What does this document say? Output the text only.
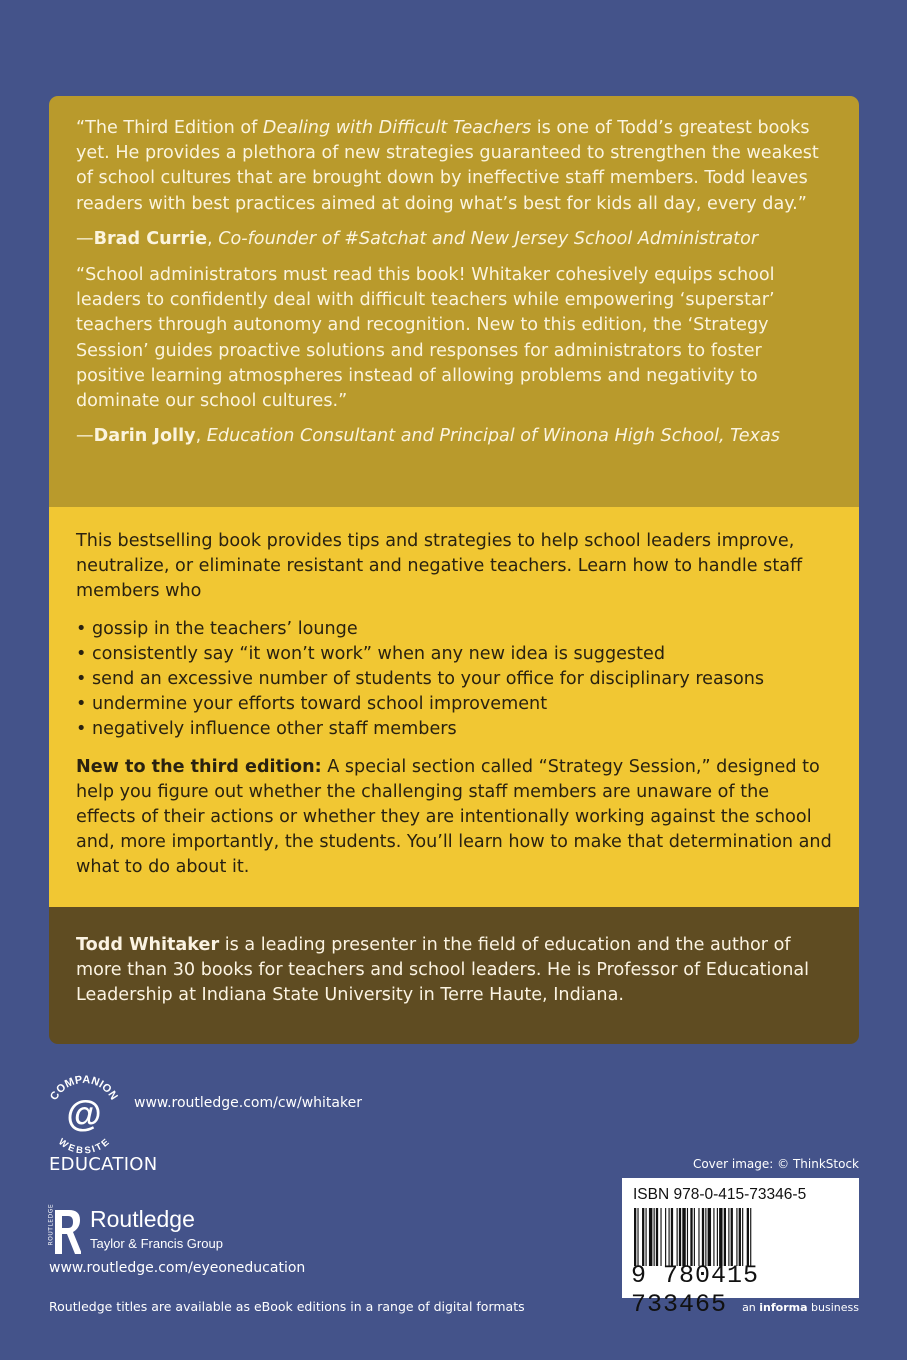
“The Third Edition of Dealing with Difficult Teachers is one of Todd’s greatest books yet. He provides a plethora of new strategies guaranteed to strengthen the weakest of school cultures that are brought down by ineffective staff members. Todd leaves readers with best practices aimed at doing what’s best for kids all day, every day.”

—Brad Currie, Co-founder of #Satchat and New Jersey School Administrator

“School administrators must read this book! Whitaker cohesively equips school leaders to confidently deal with difficult teachers while empowering ‘superstar’ teachers through autonomy and recognition. New to this edition, the ‘Strategy Session’ guides proactive solutions and responses for administrators to foster positive learning atmospheres instead of allowing problems and negativity to dominate our school cultures.”

—Darin Jolly, Education Consultant and Principal of Winona High School, Texas

This bestselling book provides tips and strategies to help school leaders improve, neutralize, or eliminate resistant and negative teachers. Learn how to handle staff members who

• gossip in the teachers’ lounge
• consistently say “it won’t work” when any new idea is suggested
• send an excessive number of students to your office for disciplinary reasons
• undermine your efforts toward school improvement
• negatively influence other staff members

New to the third edition: A special section called “Strategy Session,” designed to help you figure out whether the challenging staff members are unaware of the effects of their actions or whether they are intentionally working against the school and, more importantly, the students. You’ll learn how to make that determination and what to do about it.

Todd Whitaker is a leading presenter in the field of education and the author of more than 30 books for teachers and school leaders. He is Professor of Educational Leadership at Indiana State University in Terre Haute, Indiana.

COMPANION
WEBSITE
@ www.routledge.com/cw/whitaker
EDUCATION
ROUTLEDGE Routledge
Taylor & Francis Group
www.routledge.com/eyeoneducation
Routledge titles are available as eBook editions in a range of digital formats
Cover image: © ThinkStock
ISBN 978-0-415-73346-5
9 780415 733465	an informa business
